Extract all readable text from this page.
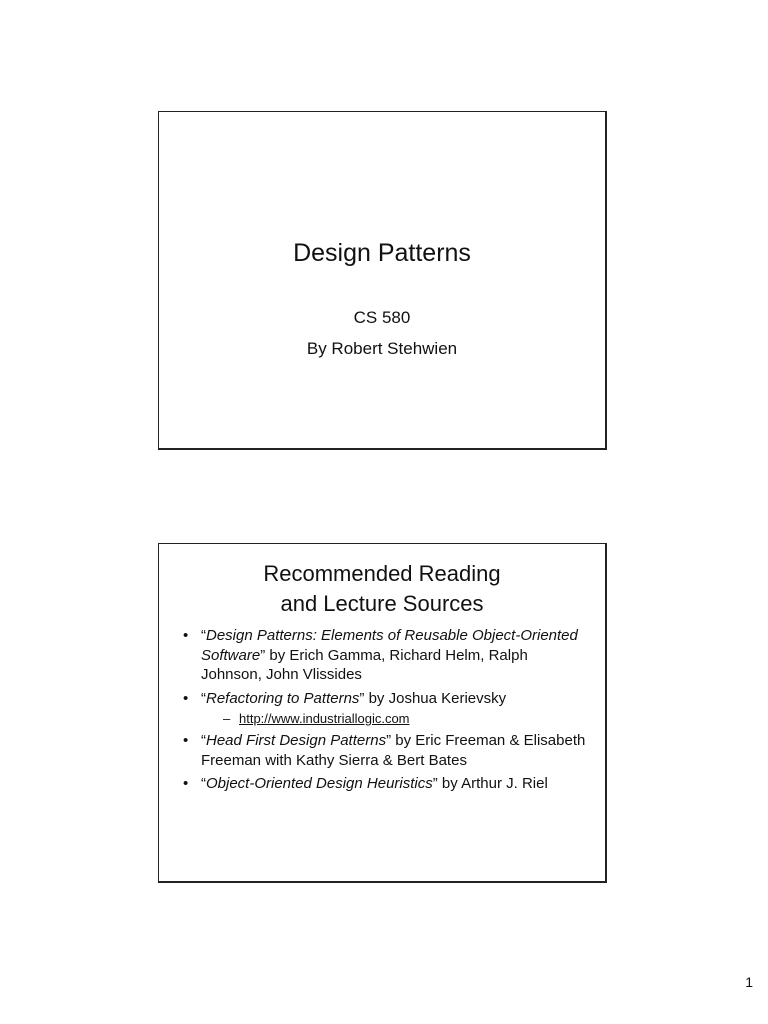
Design Patterns
CS 580
By Robert Stehwien
Recommended Reading
and Lecture Sources
• “Design Patterns: Elements of Reusable Object-Oriented Software” by Erich Gamma, Richard Helm, Ralph Johnson, John Vlissides
• “Refactoring to Patterns” by Joshua Kerievsky
– http://www.industriallogic.com
• “Head First Design Patterns” by Eric Freeman & Elisabeth Freeman with Kathy Sierra & Bert Bates
• “Object-Oriented Design Heuristics” by Arthur J. Riel
1
